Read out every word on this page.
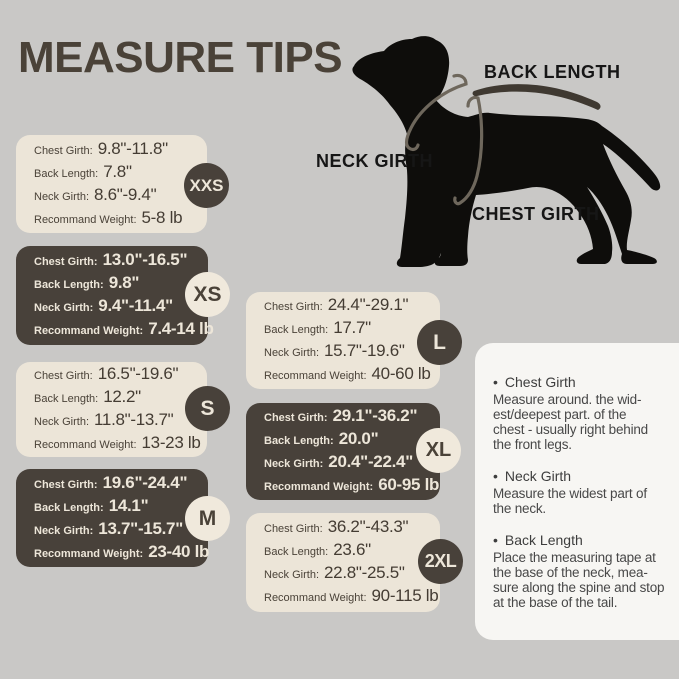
MEASURE TIPS	BACK LENGTH
NECK GIRTH
CHEST GIRTH
Chest Girth: 9.8"-11.8"
Back Length: 7.8"
Neck Girth: 8.6"-9.4"
Recommand Weight: 5-8 lb
XXS
Chest Girth: 13.0"-16.5"
Back Length: 9.8"
Neck Girth: 9.4"-11.4"
Recommand Weight: 7.4-14 lb
XS
Chest Girth: 16.5"-19.6"
Back Length: 12.2"
Neck Girth: 11.8"-13.7"
Recommand Weight: 13-23 lb
S
Chest Girth: 19.6"-24.4"
Back Length: 14.1"
Neck Girth: 13.7"-15.7"
Recommand Weight: 23-40 lb
M
Chest Girth: 24.4"-29.1"
Back Length: 17.7"
Neck Girth: 15.7"-19.6"
Recommand Weight: 40-60 lb
L
Chest Girth: 29.1"-36.2"
Back Length: 20.0"
Neck Girth: 20.4"-22.4"
Recommand Weight: 60-95 lb
XL
Chest Girth: 36.2"-43.3"
Back Length: 23.6"
Neck Girth: 22.8"-25.5"
Recommand Weight: 90-115 lb
2XL
• Chest Girth
Measure around. the wid-
est/deepest part. of the
chest - usually right behind
the front legs.
• Neck Girth
Measure the widest part of
the neck.
• Back Length
Place the measuring tape at
the base of the neck, mea-
sure along the spine and stop
at the base of the tail.
